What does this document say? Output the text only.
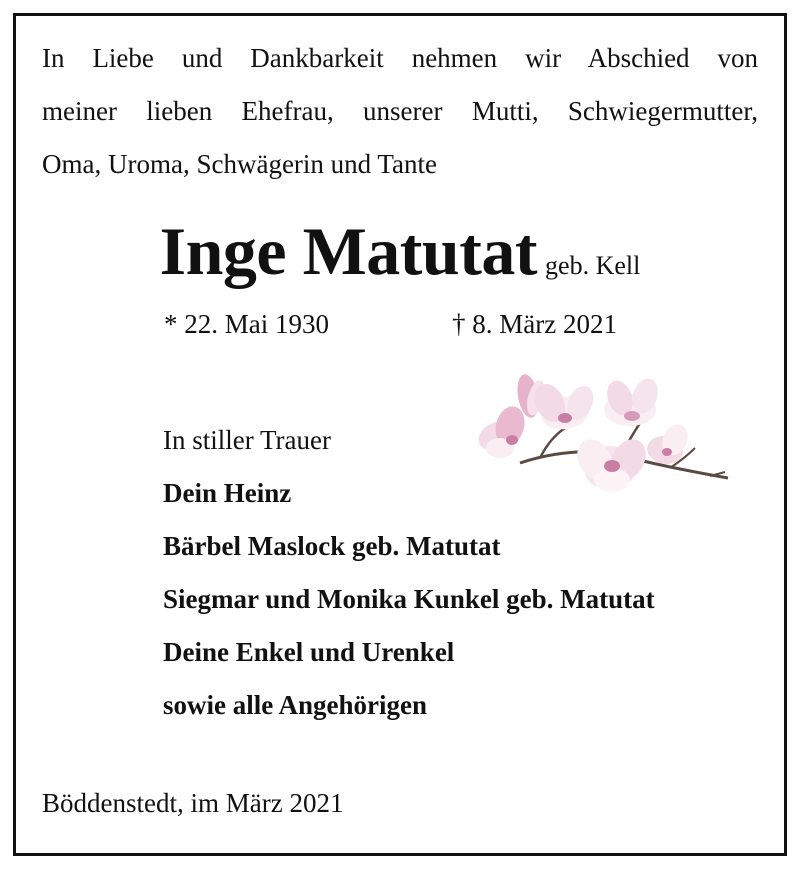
In Liebe und Dankbarkeit nehmen wir Abschied von
meiner lieben Ehefrau, unserer Mutti, Schwiegermutter,
Oma, Uroma, Schwägerin und Tante
Inge Matutat geb. Kell
* 22. Mai 1930	† 8. März 2021
In stiller Trauer
Dein Heinz
Bärbel Maslock geb. Matutat
Siegmar und Monika Kunkel geb. Matutat
Deine Enkel und Urenkel
sowie alle Angehörigen
Böddenstedt, im März 2021
